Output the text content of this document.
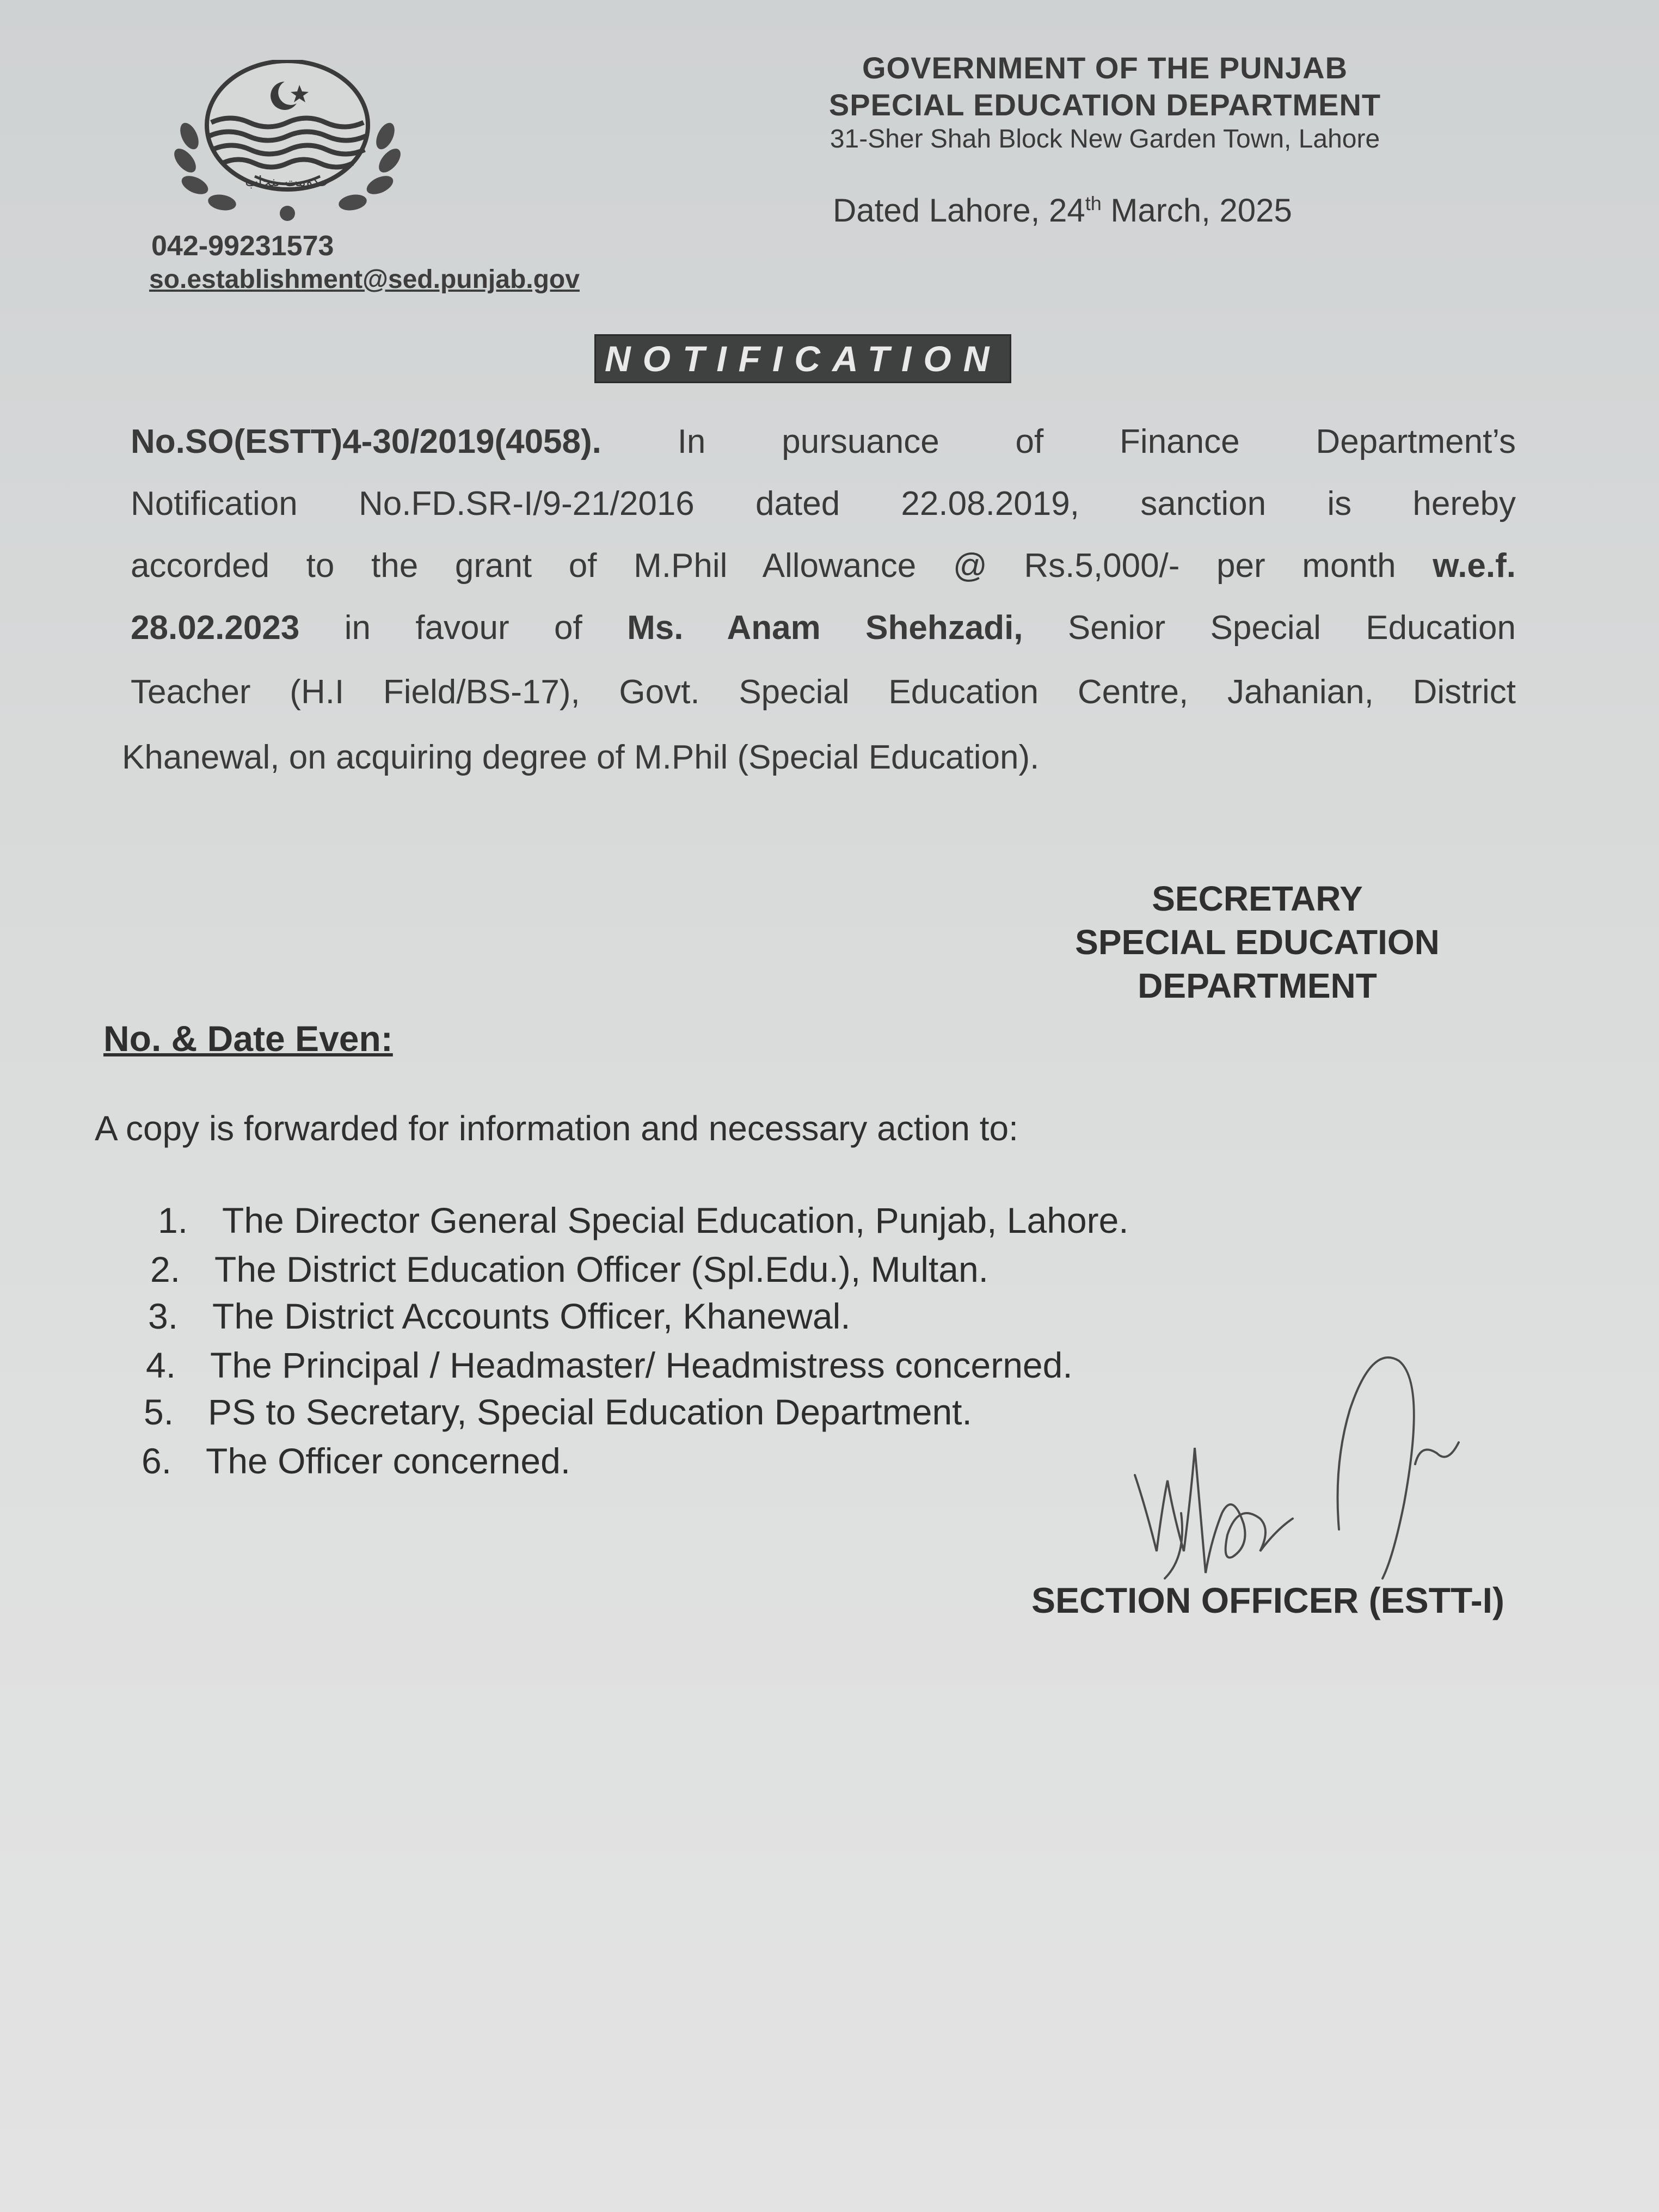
حکومت پنجاب
GOVERNMENT OF THE PUNJAB
SPECIAL EDUCATION DEPARTMENT
31-Sher Shah Block New Garden Town, Lahore
Dated Lahore, 24th March, 2025
042-99231573
so.establishment@sed.punjab.gov
NOTIFICATION
No.SO(ESTT)4-30/2019(4058). In pursuance of Finance Department’s
Notification No.FD.SR-I/9-21/2016 dated 22.08.2019, sanction is hereby
accorded to the grant of M.Phil Allowance @ Rs.5,000/- per month w.e.f.
28.02.2023 in favour of Ms. Anam Shehzadi, Senior Special Education
Teacher (H.I Field/BS-17), Govt. Special Education Centre, Jahanian, District
Khanewal, on acquiring degree of M.Phil (Special Education).
SECRETARY
SPECIAL EDUCATION
DEPARTMENT
No. & Date Even:
A copy is forwarded for information and necessary action to:
1. The Director General Special Education, Punjab, Lahore.
2. The District Education Officer (Spl.Edu.), Multan.
3. The District Accounts Officer, Khanewal.
4. The Principal / Headmaster/ Headmistress concerned.
5. PS to Secretary, Special Education Department.
6. The Officer concerned.
SECTION OFFICER (ESTT-I)
